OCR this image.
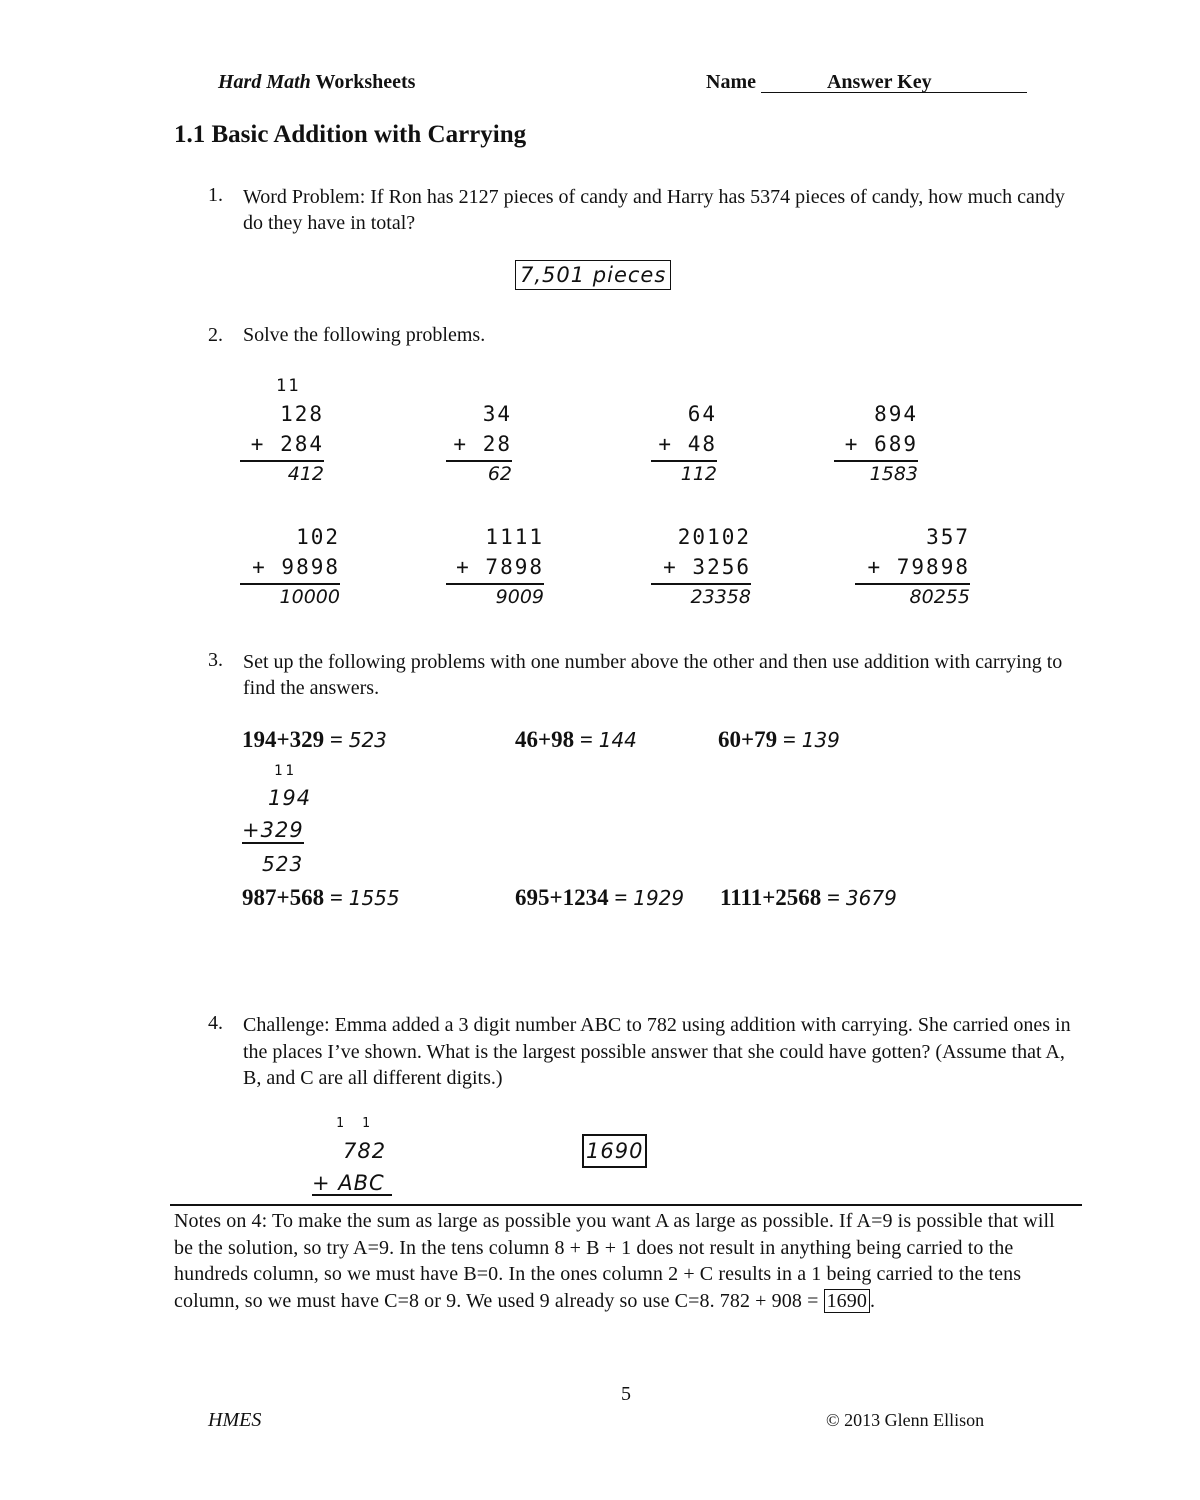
Hard Math Worksheets	Name	Answer Key
1.1 Basic Addition with Carrying
1. Word Problem: If Ron has 2127 pieces of candy and Harry has 5374 pieces of candy, how much candy do they have in total?
7,501 pieces
2. Solve the following problems.
11
128
+ 284
412
34
+ 28
62
64
+ 48
112
894
+ 689
1583
102
+ 9898
10000
1111
+ 7898
9009
20102
+ 3256
23358
357
+ 79898
80255
3. Set up the following problems with one number above the other and then use addition with carrying to find the answers.
194+329 = 523	46+98 = 144	60+79 = 139
11
194
+329
523
987+568 = 1555	695+1234 = 1929 1111+2568 = 3679
4. Challenge: Emma added a 3 digit number ABC to 782 using addition with carrying. She carried ones in the places I’ve shown. What is the largest possible answer that she could have gotten? (Assume that A, B, and C are all different digits.)
1 1
782
+ ABC
1690
Notes on 4: To make the sum as large as possible you want A as large as possible. If A=9 is possible that will be the solution, so try A=9. In the tens column 8 + B + 1 does not result in anything being carried to the hundreds column, so we must have B=0. In the ones column 2 + C results in a 1 being carried to the tens column, so we must have C=8 or 9. We used 9 already so use C=8. 782 + 908 = 1690 .
5
HMES	© 2013 Glenn Ellison
